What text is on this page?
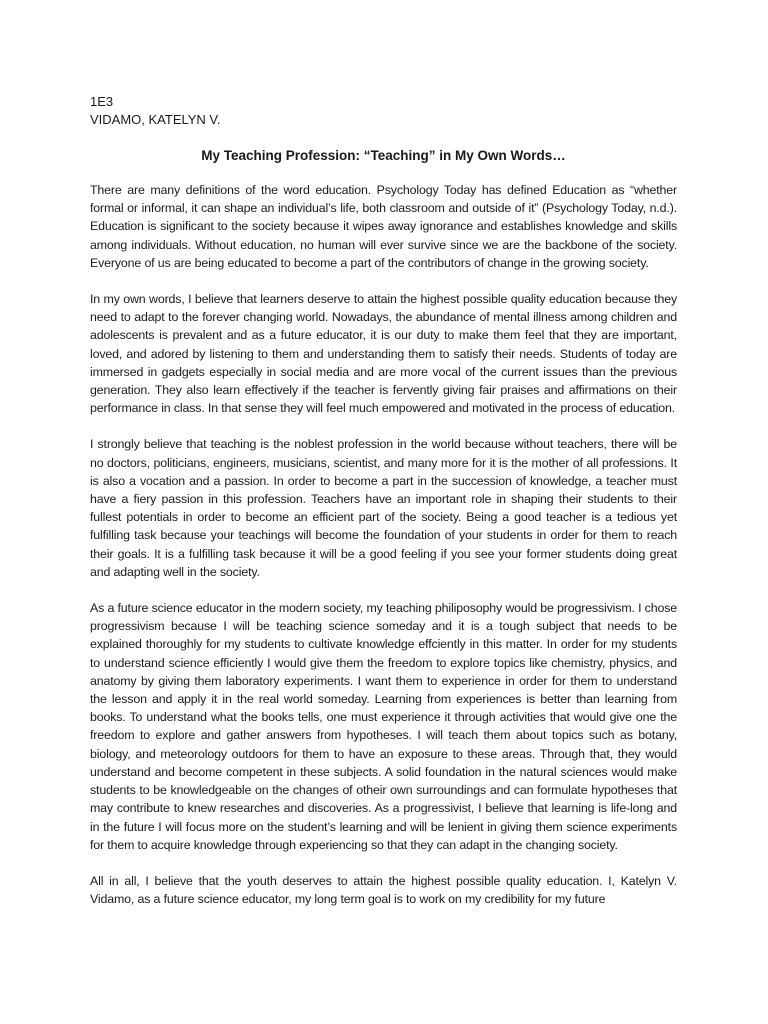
1E3

VIDAMO, KATELYN V.

My Teaching Profession: “Teaching” in My Own Words…

There are many definitions of the word education. Psychology Today has defined Education as “whether formal or informal, it can shape an individual’s life, both classroom and outside of it” (Psychology Today, n.d.). Education is significant to the society because it wipes away ignorance and establishes knowledge and skills among individuals. Without education, no human will ever survive since we are the backbone of the society. Everyone of us are being educated to become a part of the contributors of change in the growing society.

In my own words, I believe that learners deserve to attain the highest possible quality education because they need to adapt to the forever changing world. Nowadays, the abundance of mental illness among children and adolescents is prevalent and as a future educator, it is our duty to make them feel that they are important, loved, and adored by listening to them and understanding them to satisfy their needs. Students of today are immersed in gadgets especially in social media and are more vocal of the current issues than the previous generation. They also learn effectively if the teacher is fervently giving fair praises and affirmations on their performance in class. In that sense they will feel much empowered and motivated in the process of education.

I strongly believe that teaching is the noblest profession in the world because without teachers, there will be no doctors, politicians, engineers, musicians, scientist, and many more for it is the mother of all professions. It is also a vocation and a passion. In order to become a part in the succession of knowledge, a teacher must have a fiery passion in this profession. Teachers have an important role in shaping their students to their fullest potentials in order to become an efficient part of the society. Being a good teacher is a tedious yet fulfilling task because your teachings will become the foundation of your students in order for them to reach their goals. It is a fulfilling task because it will be a good feeling if you see your former students doing great and adapting well in the society.

As a future science educator in the modern society, my teaching philiposophy would be progressivism. I chose progressivism because I will be teaching science someday and it is a tough subject that needs to be explained thoroughly for my students to cultivate knowledge effciently in this matter. In order for my students to understand science efficiently I would give them the freedom to explore topics like chemistry, physics, and anatomy by giving them laboratory experiments. I want them to experience in order for them to understand the lesson and apply it in the real world someday. Learning from experiences is better than learning from books. To understand what the books tells, one must experience it through activities that would give one the freedom to explore and gather answers from hypotheses. I will teach them about topics such as botany, biology, and meteorology outdoors for them to have an exposure to these areas. Through that, they would understand and become competent in these subjects. A solid foundation in the natural sciences would make students to be knowledgeable on the changes of otheir own surroundings and can formulate hypotheses that may contribute to knew researches and discoveries. As a progressivist, I believe that learning is life-long and in the future I will focus more on the student’s learning and will be lenient in giving them science experiments for them to acquire knowledge through experiencing so that they can adapt in the changing society.

All in all, I believe that the youth deserves to attain the highest possible quality education. I, Katelyn V. Vidamo, as a future science educator, my long term goal is to work on my credibility for my future
